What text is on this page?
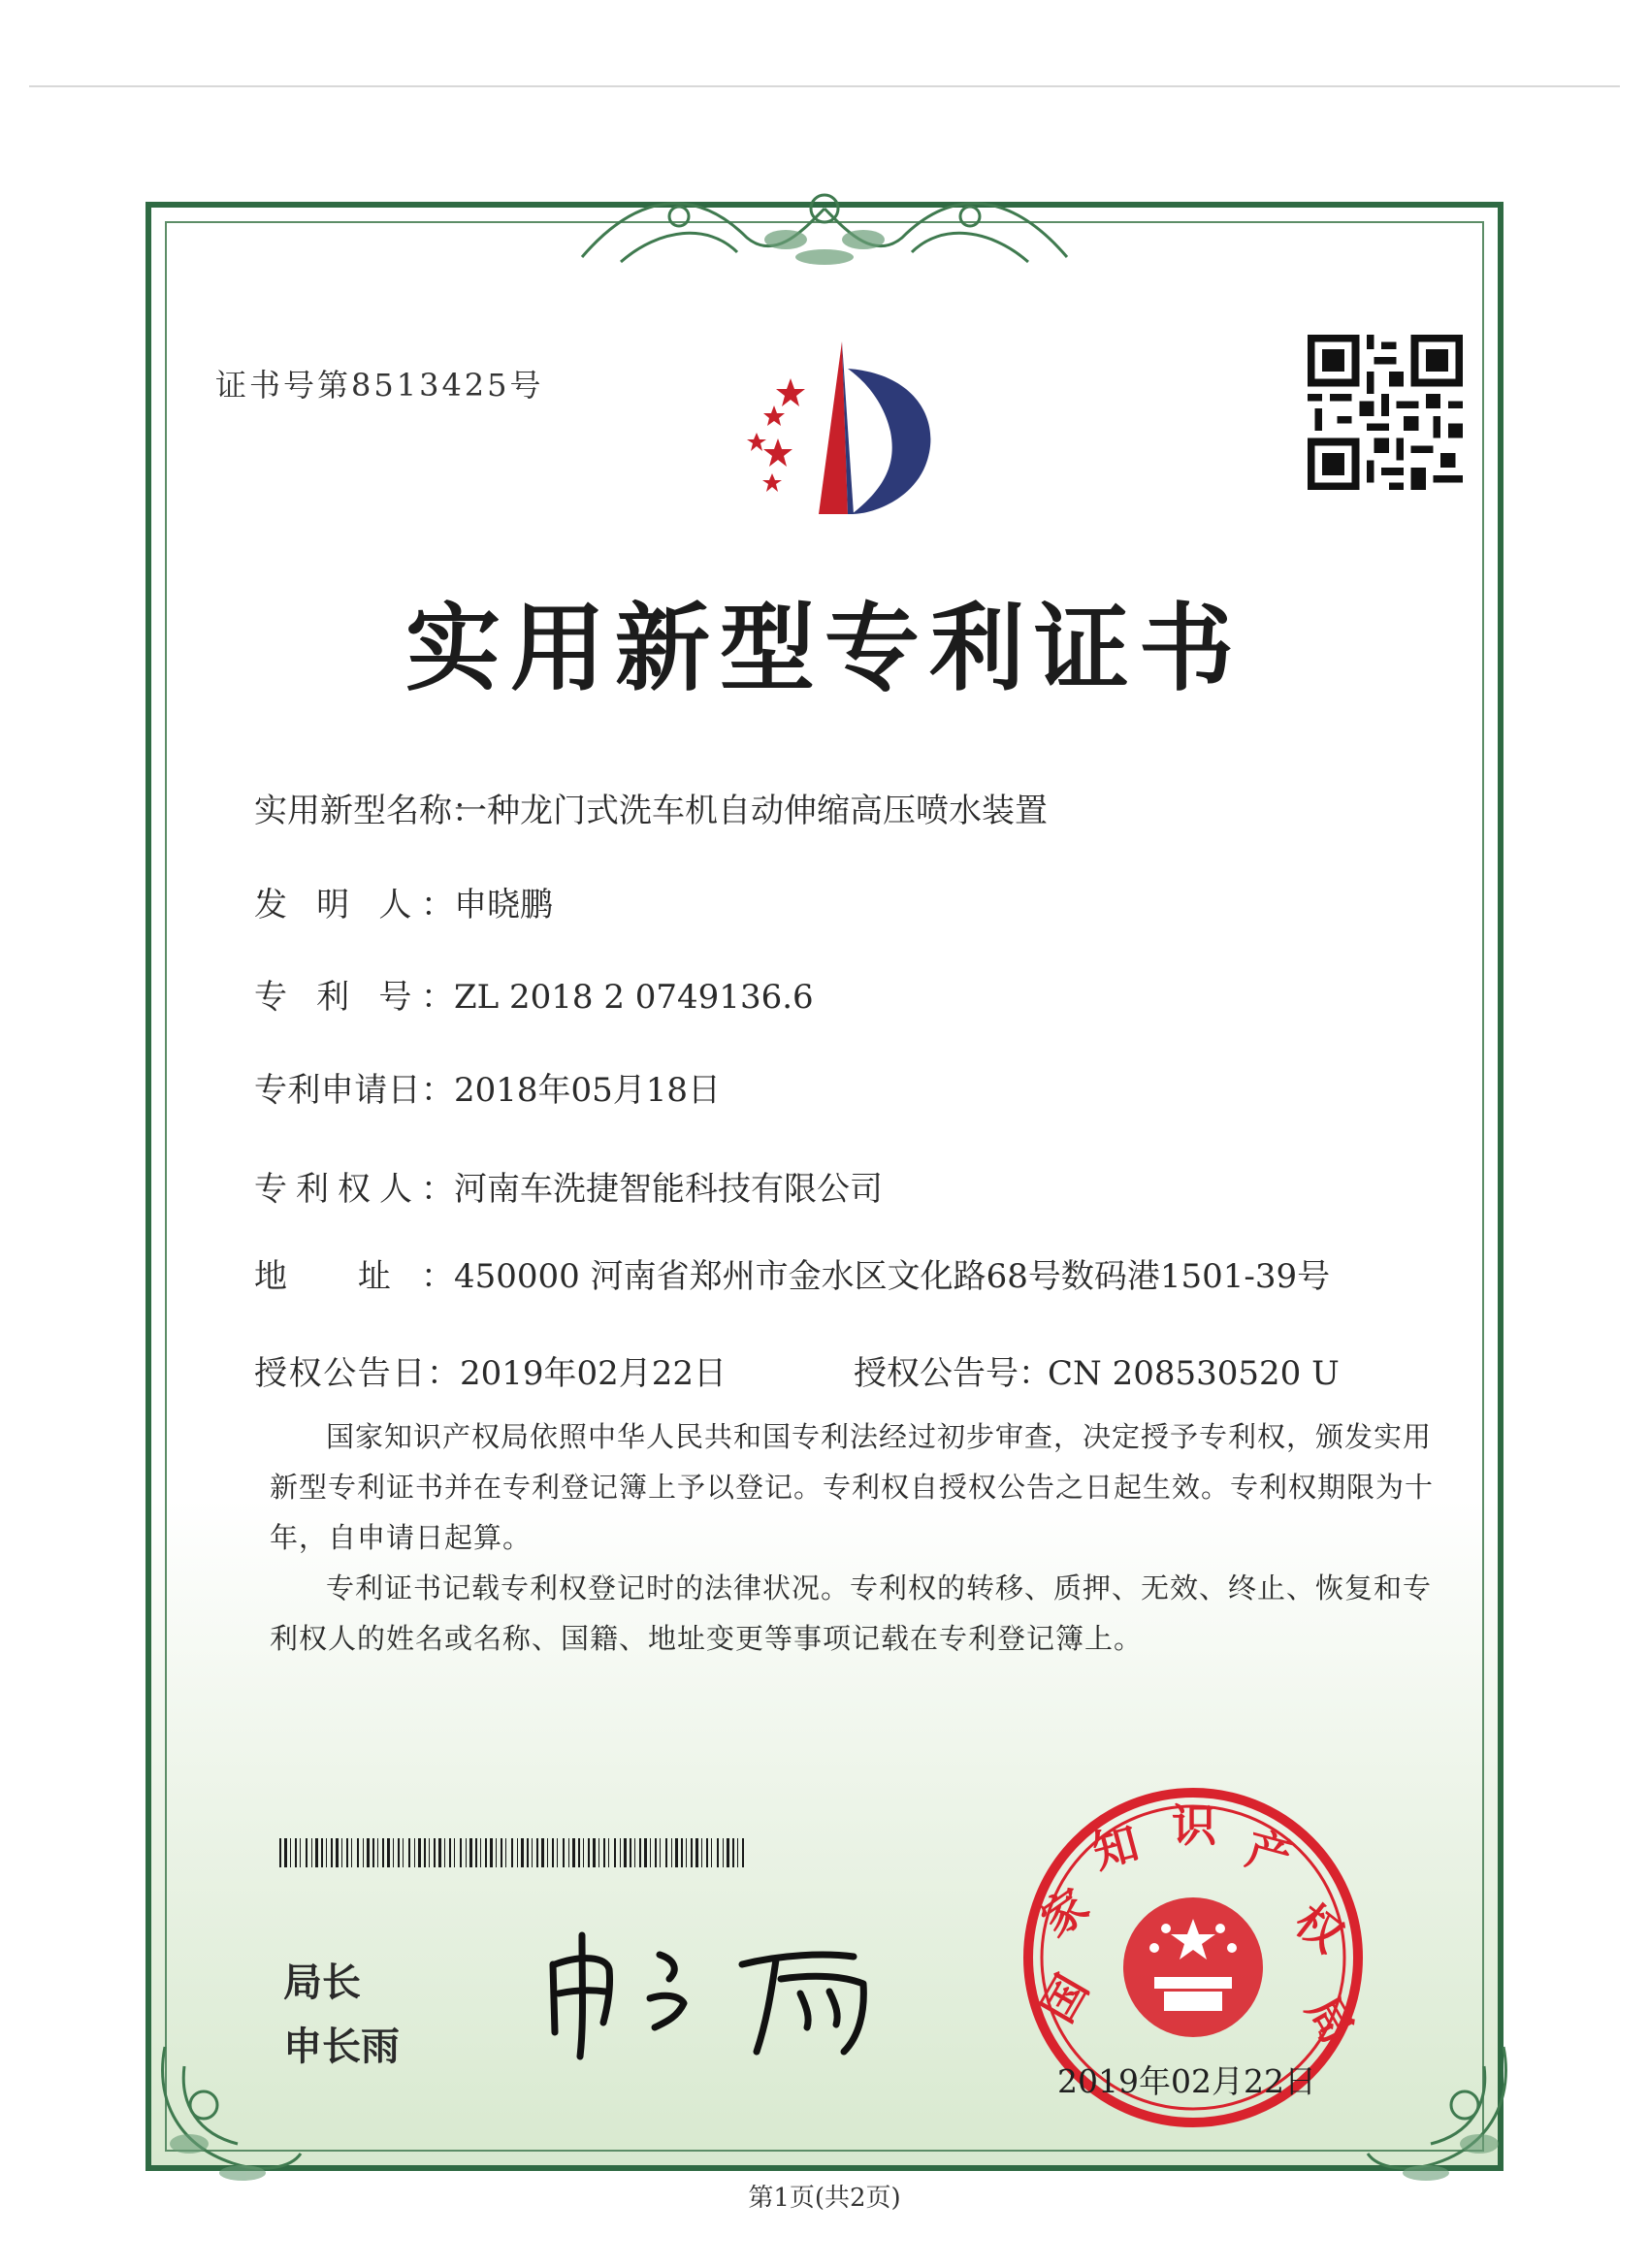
证书号第8513425号
实用新型专利证书
实用新型名称：一种龙门式洗车机自动伸缩高压喷水装置
发 明 人：申晓鹏
专 利 号：ZL 2018 2 0749136.6
专利申请日：2018年05月18日
专利权人：河南车洗捷智能科技有限公司
地 址：450000 河南省郑州市金水区文化路68号数码港1501-39号
授权公告日：2019年02月22日	授权公告号：CN 208530520 U

国家知识产权局依照中华人民共和国专利法经过初步审查，决定授予专利权，颁发实用新型专利证书并在专利登记簿上予以登记。专利权自授权公告之日起生效。专利权期限为十年，自申请日起算。

专利证书记载专利权登记时的法律状况。专利权的转移、质押、无效、终止、恢复和专利权人的姓名或名称、国籍、地址变更等事项记载在专利登记簿上。

局长
申长雨
国
家
知 识 产
权
局
2019年02月22日
第1页(共2页)
